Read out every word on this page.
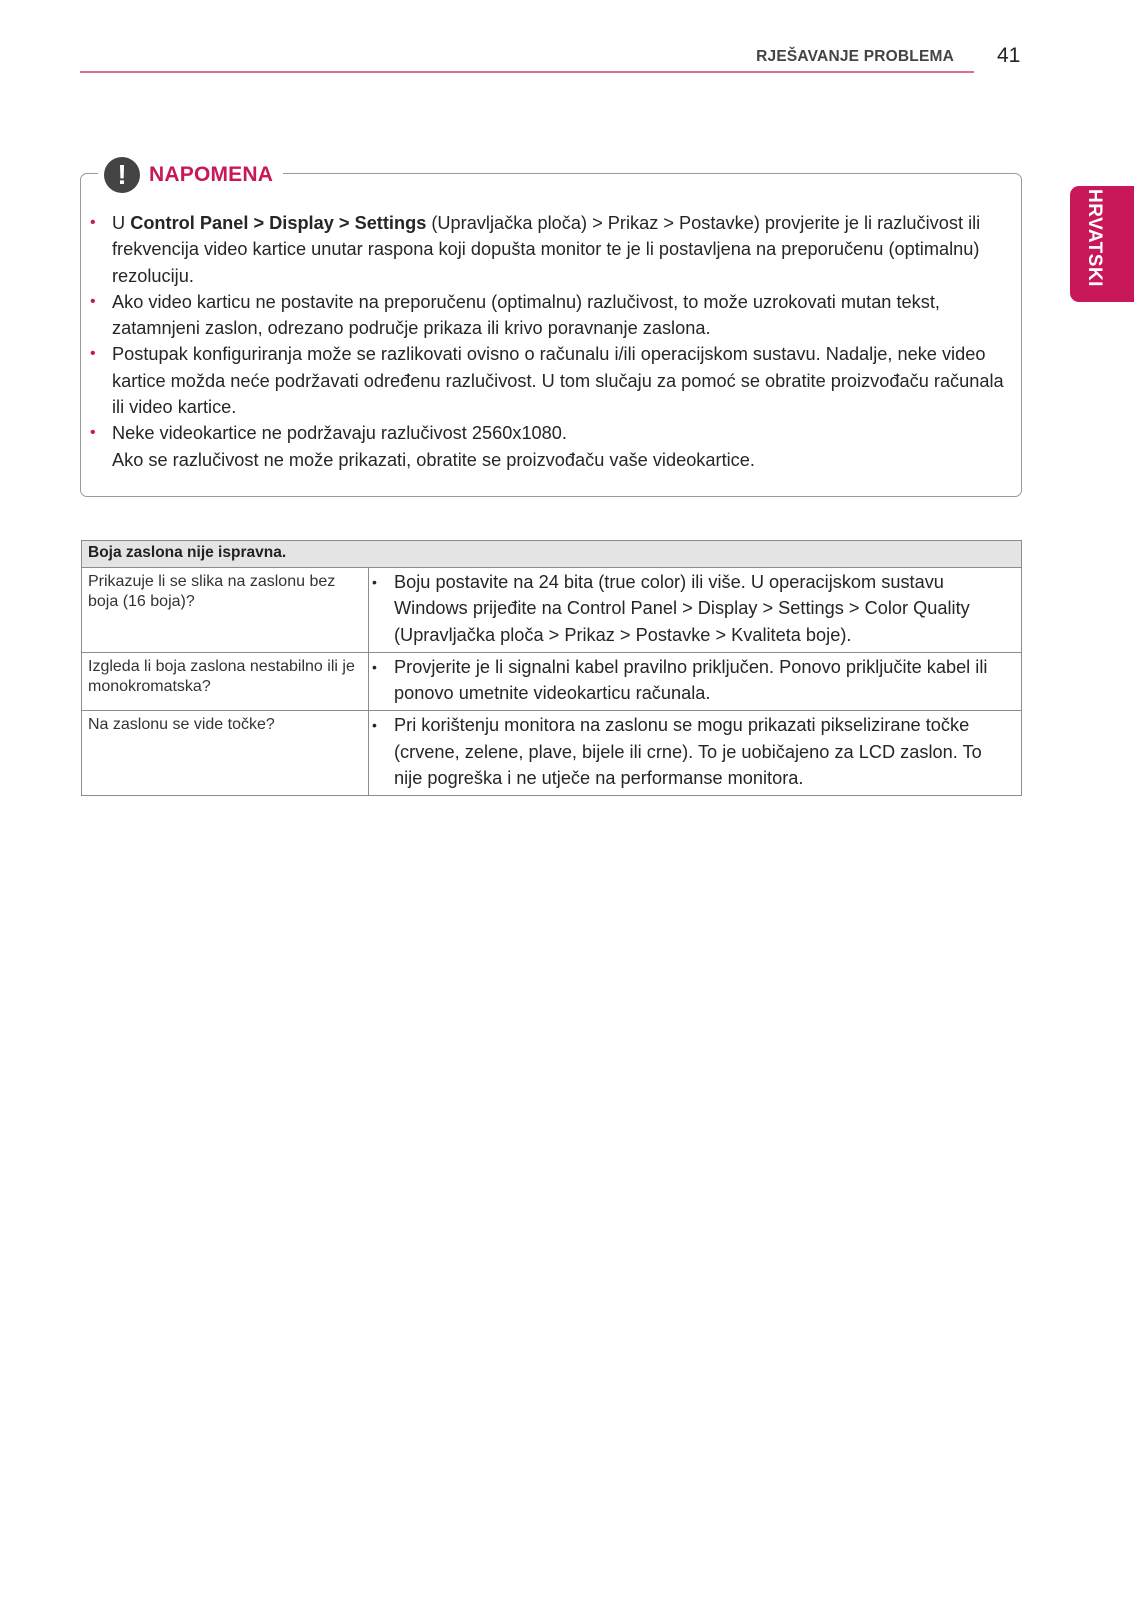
RJEŠAVANJE PROBLEMA 41
HRVATSKI
!	NAPOMENA
• U Control Panel > Display > Settings (Upravljačka ploča) > Prikaz > Postavke) provjerite je li razlučivost ili frekvencija video kartice unutar raspona koji dopušta monitor te je li postavljena na preporučenu (optimalnu) rezoluciju.
• Ako video karticu ne postavite na preporučenu (optimalnu) razlučivost, to može uzrokovati mutan tekst, zatamnjeni zaslon, odrezano područje prikaza ili krivo poravnanje zaslona.
• Postupak konfiguriranja može se razlikovati ovisno o računalu i/ili operacijskom sustavu. Nadalje, neke video kartice možda neće podržavati određenu razlučivost. U tom slučaju za pomoć se obratite proizvođaču računala ili video kartice.
• Neke videokartice ne podržavaju razlučivost 2560x1080.
Ako se razlučivost ne može prikazati, obratite se proizvođaču vaše videokartice.
Boja zaslona nije ispravna.	
Prikazuje li se slika na zaslonu bez boja (16 boja)?	• Boju postavite na 24 bita (true color) ili više. U operacijskom sustavu Windows prijeđite na Control Panel > Display > Settings > Color Quality (Upravljačka ploča > Prikaz > Postavke > Kvaliteta boje).

Izgleda li boja zaslona nestabilno ili je monokromatska?	• Provjerite je li signalni kabel pravilno priključen. Ponovo priključite kabel ili ponovo umetnite videokarticu računala.

Na zaslonu se vide točke?	• Pri korištenju monitora na zaslonu se mogu prikazati pikselizirane točke (crvene, zelene, plave, bijele ili crne). To je uobičajeno za LCD zaslon. To nije pogreška i ne utječe na performanse monitora.
